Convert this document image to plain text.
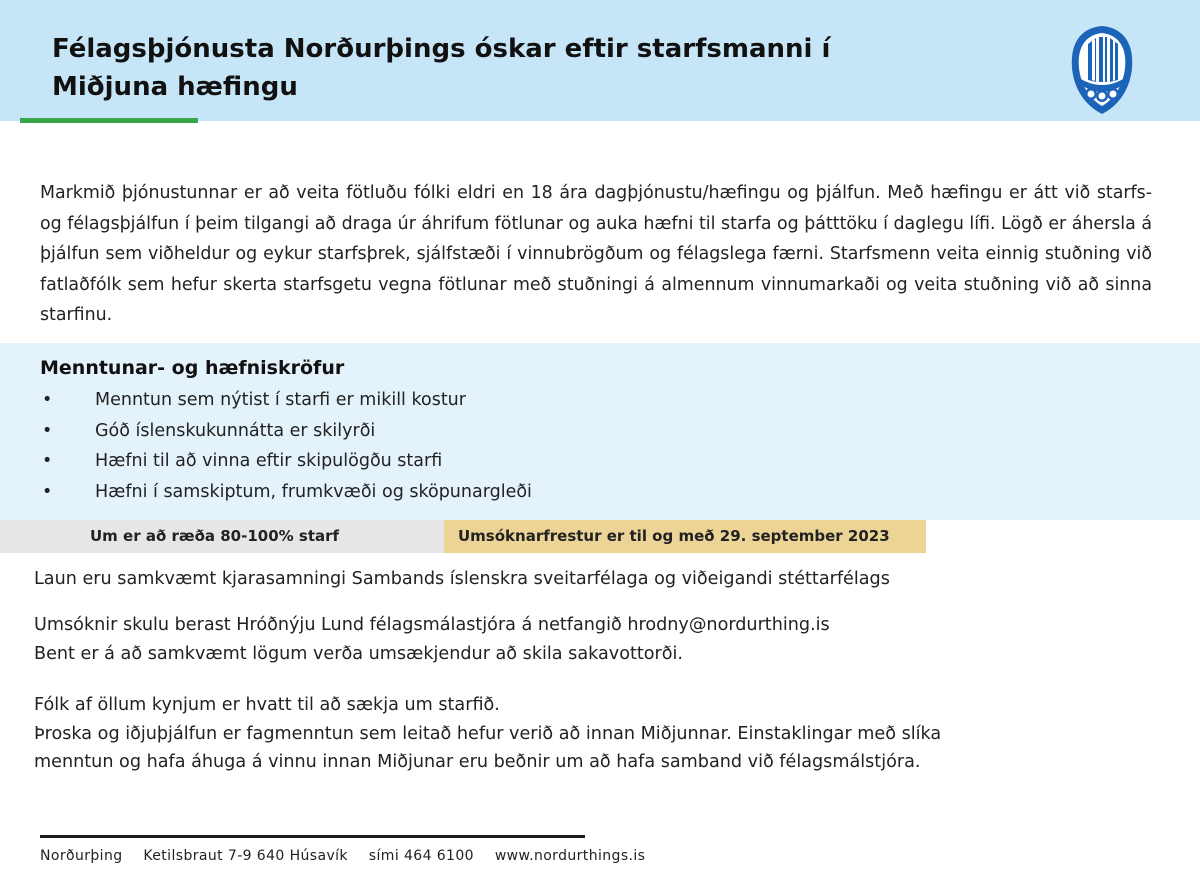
Félagsþjónusta Norðurþings óskar eftir starfsmanni í
Miðjuna hæfingu
Markmið þjónustunnar er að veita fötluðu fólki eldri en 18 ára dagþjónustu/hæfingu og þjálfun. Með hæfingu er átt við starfs- og félagsþjálfun í þeim tilgangi að draga úr áhrifum fötlunar og auka hæfni til starfa og þátttöku í daglegu lífi. Lögð er áhersla á þjálfun sem viðheldur og eykur starfsþrek, sjálfstæði í vinnubrögðum og félagslega færni. Starfsmenn veita einnig stuðning við fatlaðfólk sem hefur skerta starfsgetu vegna fötlunar með stuðningi á almennum vinnumarkaði og veita stuðning við að sinna starfinu.
Menntunar- og hæfniskröfur
• Menntun sem nýtist í starfi er mikill kostur
• Góð íslenskukunnátta er skilyrði
• Hæfni til að vinna eftir skipulögðu starfi
• Hæfni í samskiptum, frumkvæði og sköpunargleði
Um er að ræða 80-100% starf	Umsóknarfrestur er til og með 29. september 2023
Laun eru samkvæmt kjarasamningi Sambands íslenskra sveitarfélaga og viðeigandi stéttarfélags
Umsóknir skulu berast Hróðnýju Lund félagsmálastjóra á netfangið hrodny@nordurthing.is
Bent er á að samkvæmt lögum verða umsækjendur að skila sakavottorði.
Fólk af öllum kynjum er hvatt til að sækja um starfið.
Þroska og iðjuþjálfun er fagmenntun sem leitað hefur verið að innan Miðjunnar. Einstaklingar með slíka
menntun og hafa áhuga á vinnu innan Miðjunar eru beðnir um að hafa samband við félagsmálstjóra.
Norðurþing Ketilsbraut 7-9 640 Húsavík sími 464 6100 www.nordurthings.is
